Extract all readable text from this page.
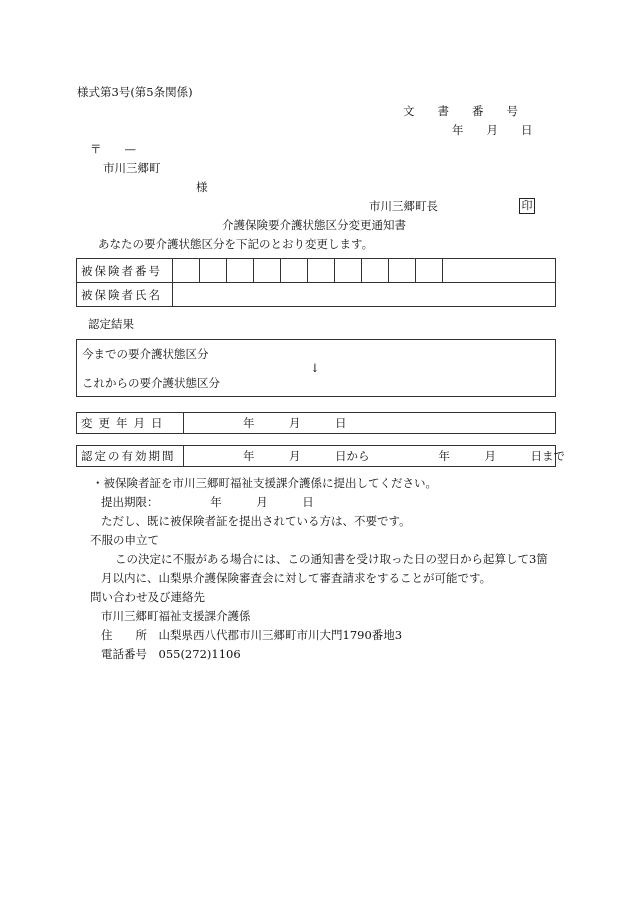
様式第3号(第5条関係)
文　　書　　番　　号
年　　月　　日
〒　　—
市川三郷町
様
市川三郷町長	印
介護保険要介護状態区分変更通知書
あなたの要介護状態区分を下記のとおり変更します。
被保険者番号
被保険者氏名
認定結果
今までの要介護状態区分
↓
これからの要介護状態区分
変更年月日	年　　　月　　　日
認定の有効期間	年　　　月　　　日から　　　　　　年　　　月　　　日まで
・被保険者証を市川三郷町福祉支援課介護係に提出してください。
提出期限：　　　　　年　　　月　　　日
ただし、既に被保険者証を提出されている方は、不要です。
不服の申立て
この決定に不服がある場合には、この通知書を受け取った日の翌日から起算して3箇
月以内に、山梨県介護保険審査会に対して審査請求をすることが可能です。
問い合わせ及び連絡先
市川三郷町福祉支援課介護係
住　　所　山梨県西八代郡市川三郷町市川大門1790番地3
電話番号　055(272)1106
